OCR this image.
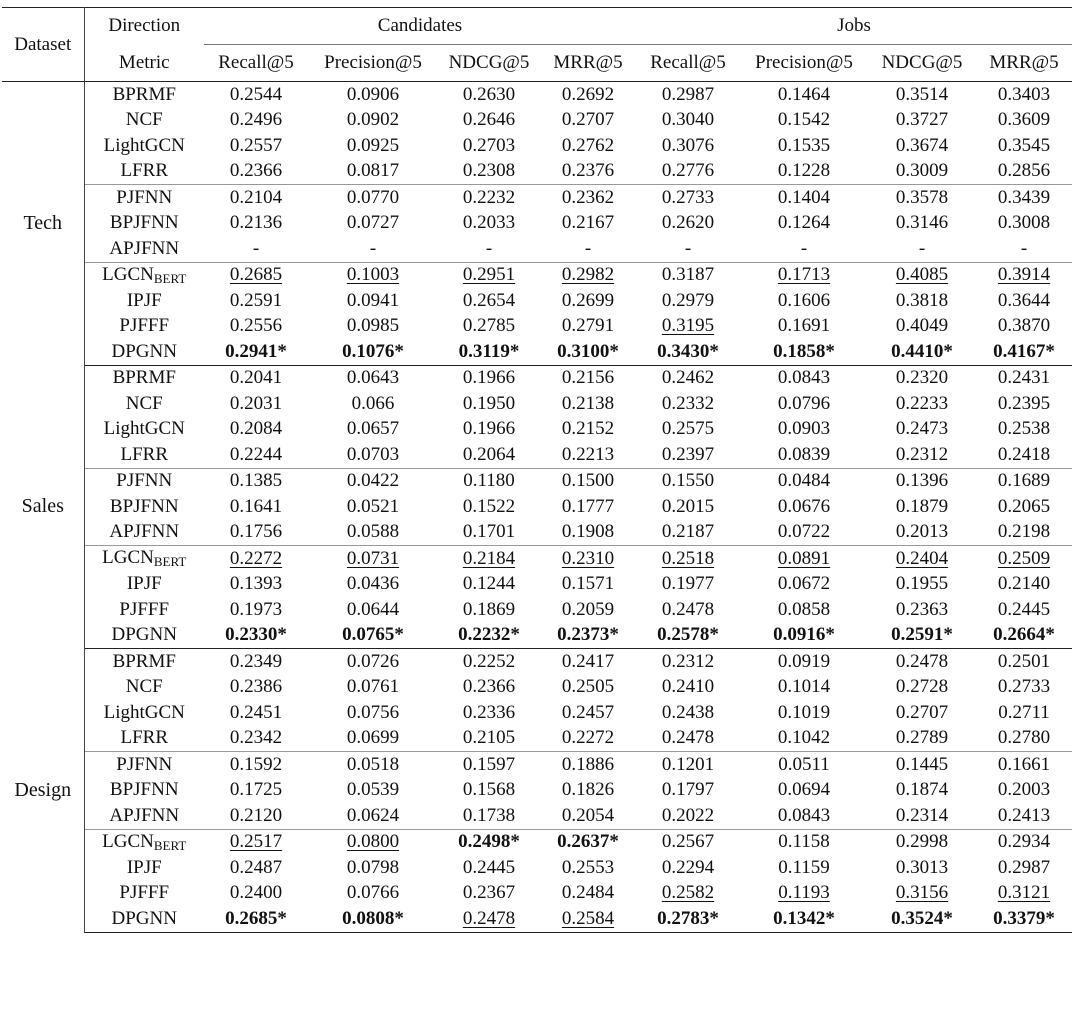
Dataset	Direction	Candidates				Jobs			
	Metric	Recall@5	Precision@5	NDCG@5	MRR@5	Recall@5	Precision@5	NDCG@5	MRR@5
Tech	BPRMF	0.2544	0.0906	0.2630	0.2692	0.2987	0.1464	0.3514	0.3403
	NCF	0.2496	0.0902	0.2646	0.2707	0.3040	0.1542	0.3727	0.3609
	LightGCN	0.2557	0.0925	0.2703	0.2762	0.3076	0.1535	0.3674	0.3545
	LFRR	0.2366	0.0817	0.2308	0.2376	0.2776	0.1228	0.3009	0.2856
	PJFNN	0.2104	0.0770	0.2232	0.2362	0.2733	0.1404	0.3578	0.3439
	BPJFNN	0.2136	0.0727	0.2033	0.2167	0.2620	0.1264	0.3146	0.3008
	APJFNN	-	-	-	-	-	-	-	-
	$LGCN_{BERT}$	0.2685	0.1003	0.2951	0.2982	0.3187	0.1713	0.4085	0.3914
	IPJF	0.2591	0.0941	0.2654	0.2699	0.2979	0.1606	0.3818	0.3644
	PJFFF	0.2556	0.0985	0.2785	0.2791	0.3195	0.1691	0.4049	0.3870
	DPGNN	0.2941*	0.1076*	0.3119*	0.3100*	0.3430*	0.1858*	0.4410*	0.4167*
Sales	BPRMF	0.2041	0.0643	0.1966	0.2156	0.2462	0.0843	0.2320	0.2431
	NCF	0.2031	0.066	0.1950	0.2138	0.2332	0.0796	0.2233	0.2395
	LightGCN	0.2084	0.0657	0.1966	0.2152	0.2575	0.0903	0.2473	0.2538
	LFRR	0.2244	0.0703	0.2064	0.2213	0.2397	0.0839	0.2312	0.2418
	PJFNN	0.1385	0.0422	0.1180	0.1500	0.1550	0.0484	0.1396	0.1689
	BPJFNN	0.1641	0.0521	0.1522	0.1777	0.2015	0.0676	0.1879	0.2065
	APJFNN	0.1756	0.0588	0.1701	0.1908	0.2187	0.0722	0.2013	0.2198
	$LGCN_{BERT}$	0.2272	0.0731	0.2184	0.2310	0.2518	0.0891	0.2404	0.2509
	IPJF	0.1393	0.0436	0.1244	0.1571	0.1977	0.0672	0.1955	0.2140
	PJFFF	0.1973	0.0644	0.1869	0.2059	0.2478	0.0858	0.2363	0.2445
	DPGNN	0.2330*	0.0765*	0.2232*	0.2373*	0.2578*	0.0916*	0.2591*	0.2664*
Design	BPRMF	0.2349	0.0726	0.2252	0.2417	0.2312	0.0919	0.2478	0.2501
	NCF	0.2386	0.0761	0.2366	0.2505	0.2410	0.1014	0.2728	0.2733
	LightGCN	0.2451	0.0756	0.2336	0.2457	0.2438	0.1019	0.2707	0.2711
	LFRR	0.2342	0.0699	0.2105	0.2272	0.2478	0.1042	0.2789	0.2780
	PJFNN	0.1592	0.0518	0.1597	0.1886	0.1201	0.0511	0.1445	0.1661
	BPJFNN	0.1725	0.0539	0.1568	0.1826	0.1797	0.0694	0.1874	0.2003
	APJFNN	0.2120	0.0624	0.1738	0.2054	0.2022	0.0843	0.2314	0.2413
	$LGCN_{BERT}$	0.2517	0.0800	0.2498*	0.2637*	0.2567	0.1158	0.2998	0.2934
	IPJF	0.2487	0.0798	0.2445	0.2553	0.2294	0.1159	0.3013	0.2987
	PJFFF	0.2400	0.0766	0.2367	0.2484	0.2582	0.1193	0.3156	0.3121
	DPGNN	0.2685*	0.0808*	0.2478	0.2584	0.2783*	0.1342*	0.3524*	0.3379*
